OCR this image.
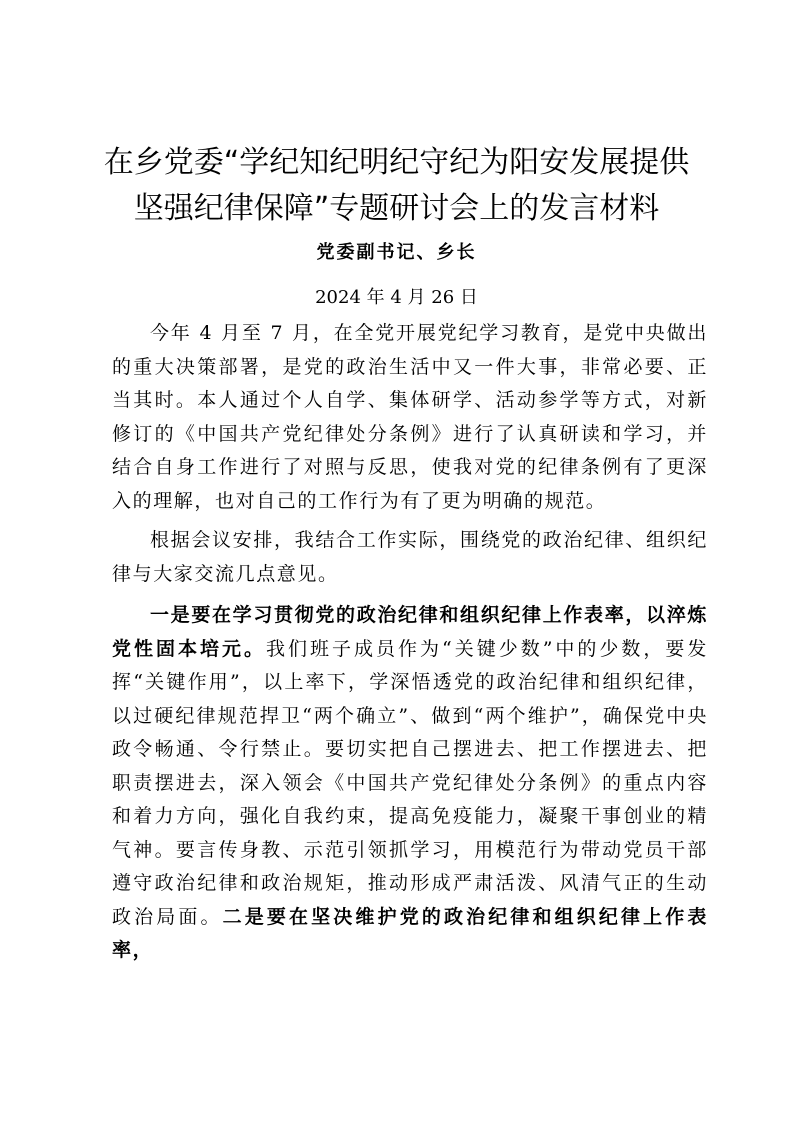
在乡党委“学纪知纪明纪守纪为阳安发展提供
坚强纪律保障”专题研讨会上的发言材料
党委副书记、乡长
2024 年 4 月 26 日

今年 4 月至 7 月，在全党开展党纪学习教育，是党中央做出的重大决策部署，是党的政治生活中又一件大事，非常必要、正当其时。本人通过个人自学、集体研学、活动参学等方式，对新修订的《中国共产党纪律处分条例》进行了认真研读和学习，并结合自身工作进行了对照与反思，使我对党的纪律条例有了更深入的理解，也对自己的工作行为有了更为明确的规范。

根据会议安排，我结合工作实际，围绕党的政治纪律、组织纪律与大家交流几点意见。

一是要在学习贯彻党的政治纪律和组织纪律上作表率，以淬炼党性固本培元。我们班子成员作为“关键少数”中的少数，要发挥“关键作用”，以上率下，学深悟透党的政治纪律和组织纪律，以过硬纪律规范捍卫“两个确立”、做到“两个维护”，确保党中央政令畅通、令行禁止。要切实把自己摆进去、把工作摆进去、把职责摆进去，深入领会《中国共产党纪律处分条例》的重点内容和着力方向，强化自我约束，提高免疫能力，凝聚干事创业的精气神。要言传身教、示范引领抓学习，用模范行为带动党员干部遵守政治纪律和政治规矩，推动形成严肃活泼、风清气正的生动政治局面。二是要在坚决维护党的政治纪律和组织纪律上作表率，
